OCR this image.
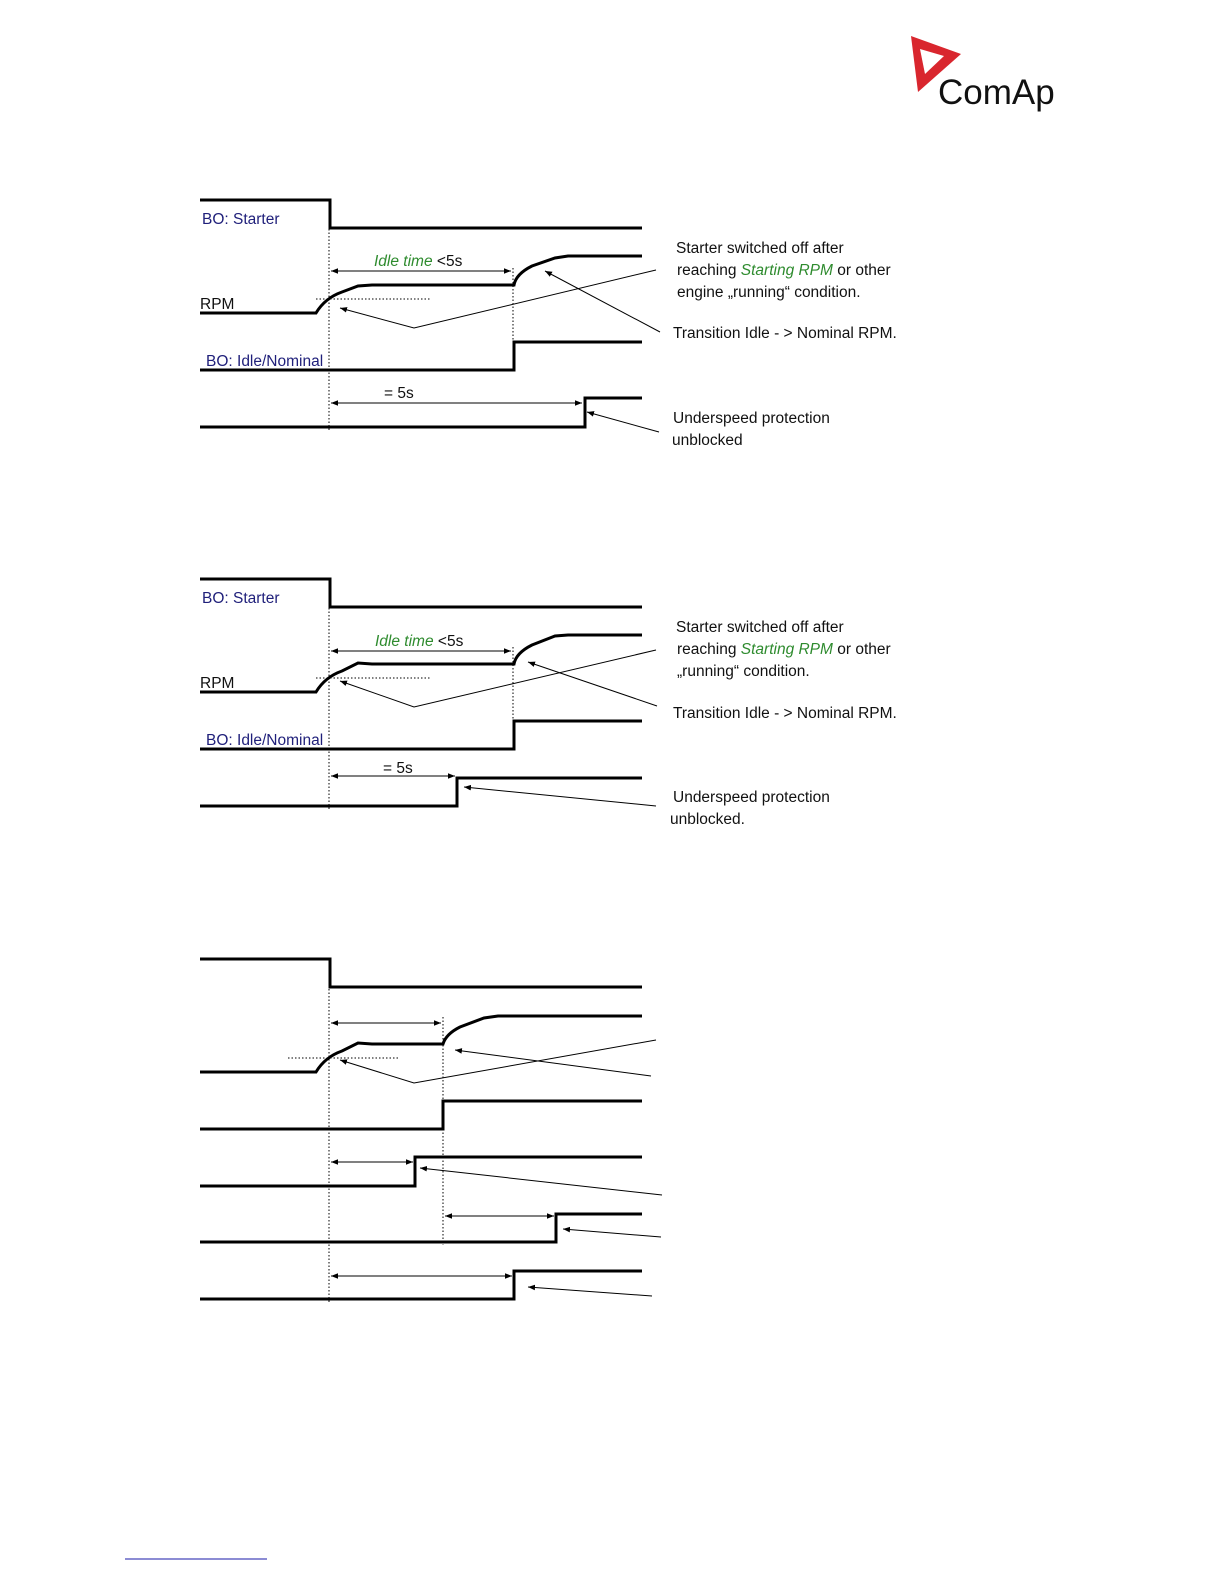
ComAp
BO: Starter
RPM
BO: Idle/Nominal
Idle time <5s
= 5s
Starter switched off after
reaching Starting RPM or other
engine „running“ condition.
Transition Idle - > Nominal RPM.
Underspeed protection
unblocked
BO: Starter
RPM
BO: Idle/Nominal
Idle time <5s
= 5s
Starter switched off after
reaching Starting RPM or other
„running“ condition.
Transition Idle - > Nominal RPM.
Underspeed protection
unblocked.
